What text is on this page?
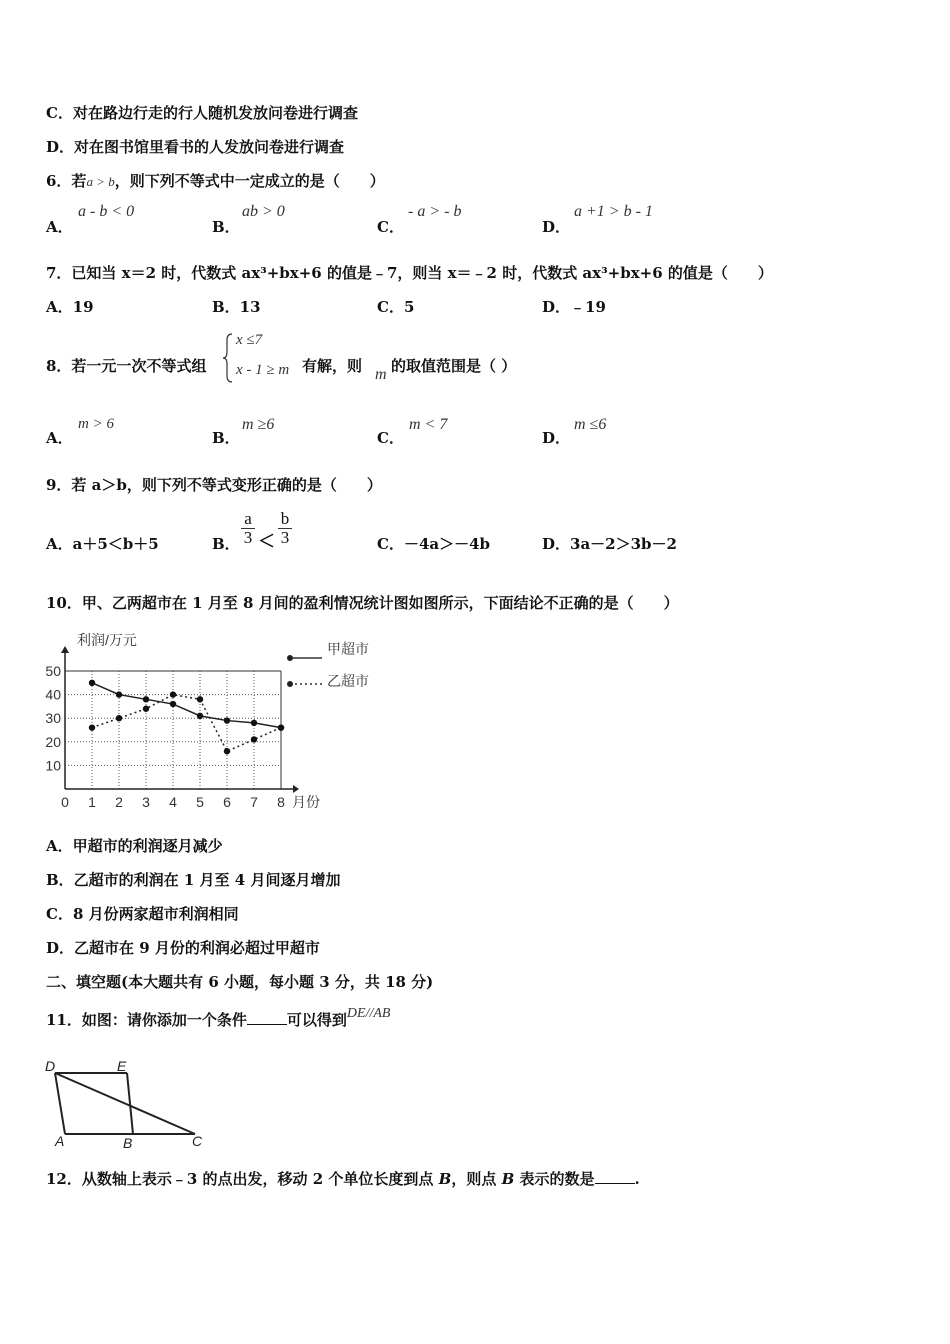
C．对在路边行走的行人随机发放问卷进行调查
D．对在图书馆里看书的人发放问卷进行调查
6．若a > b，则下列不等式中一定成立的是（　　）
A．
a - b < 0
B．
ab > 0
C．
- a > - b
D．
a +1 > b - 1
7．已知当 x＝2 时，代数式 ax³+bx+6 的值是﹣7，则当 x＝﹣2 时，代数式 ax³+bx+6 的值是（　　）
A．19	B．13	C．5	D．﹣19
8．若一元一次不等式组
x ≤7
x - 1 ≥ m 有解，则 m 的取值范围是（ ）
A．
m > 6
B．
m ≥6
C．
m < 7
D．
m ≤6
9．若 a＞b，则下列不等式变形正确的是（　　）
A．a＋5＜b＋5	B．
a
3 ＜
b
3	C．－4a＞－4b	D．3a－2＞3b－2
10．甲、乙两超市在 1 月至 8 月间的盈利情况统计图如图所示，下面结论不正确的是（　　）
10
20
30
40
50
0 1 2 3 4 5 6 7 8
利润/万元
月份
甲超市
乙超市
A．甲超市的利润逐月减少
B．乙超市的利润在 1 月至 4 月间逐月增加
C．8 月份两家超市利润相同
D．乙超市在 9 月份的利润必超过甲超市
二、填空题(本大题共有 6 小题，每小题 3 分，共 18 分)
11．如图：请你添加一个条件	可以得到DE//AB
D	E
A	B	C
12．从数轴上表示﹣3 的点出发，移动 2 个单位长度到点 B，则点 B 表示的数是	.
